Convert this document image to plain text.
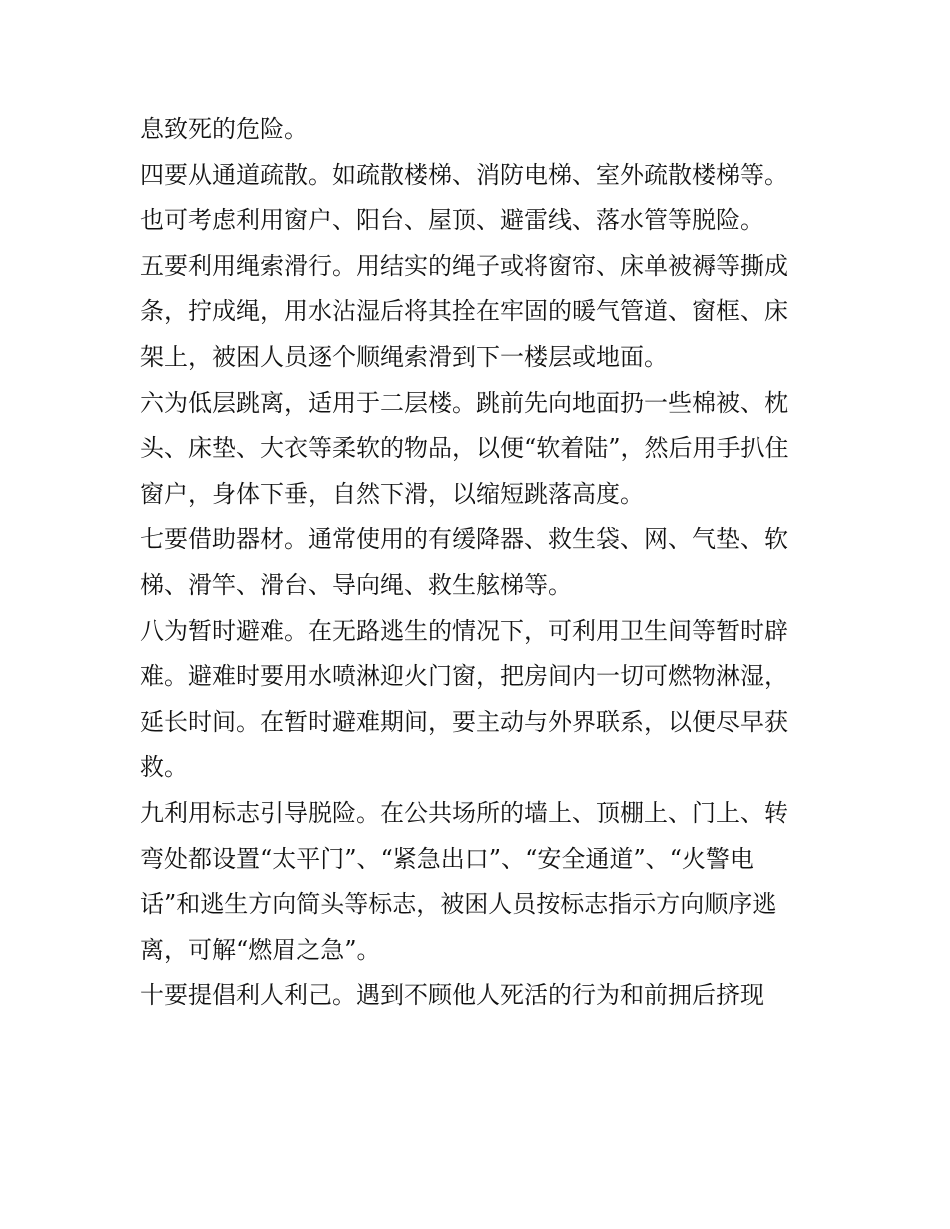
息致死的危险。
四要从通道疏散。如疏散楼梯、消防电梯、室外疏散楼梯等。
也可考虑利用窗户、阳台、屋顶、避雷线、落水管等脱险。
五要利用绳索滑行。用结实的绳子或将窗帘、床单被褥等撕成
条，拧成绳，用水沾湿后将其拴在牢固的暖气管道、窗框、床
架上，被困人员逐个顺绳索滑到下一楼层或地面。
六为低层跳离，适用于二层楼。跳前先向地面扔一些棉被、枕
头、床垫、大衣等柔软的物品，以便“软着陆”，然后用手扒住
窗户，身体下垂，自然下滑，以缩短跳落高度。
七要借助器材。通常使用的有缓降器、救生袋、网、气垫、软
梯、滑竿、滑台、导向绳、救生舷梯等。
八为暂时避难。在无路逃生的情况下，可利用卫生间等暂时辟
难。避难时要用水喷淋迎火门窗，把房间内一切可燃物淋湿，
延长时间。在暂时避难期间，要主动与外界联系，以便尽早获
救。
九利用标志引导脱险。在公共场所的墙上、顶棚上、门上、转
弯处都设置“太平门”、“紧急出口”、“安全通道”、“火警电
话”和逃生方向简头等标志，被困人员按标志指示方向顺序逃
离，可解“燃眉之急”。
十要提倡利人利己。遇到不顾他人死活的行为和前拥后挤现
